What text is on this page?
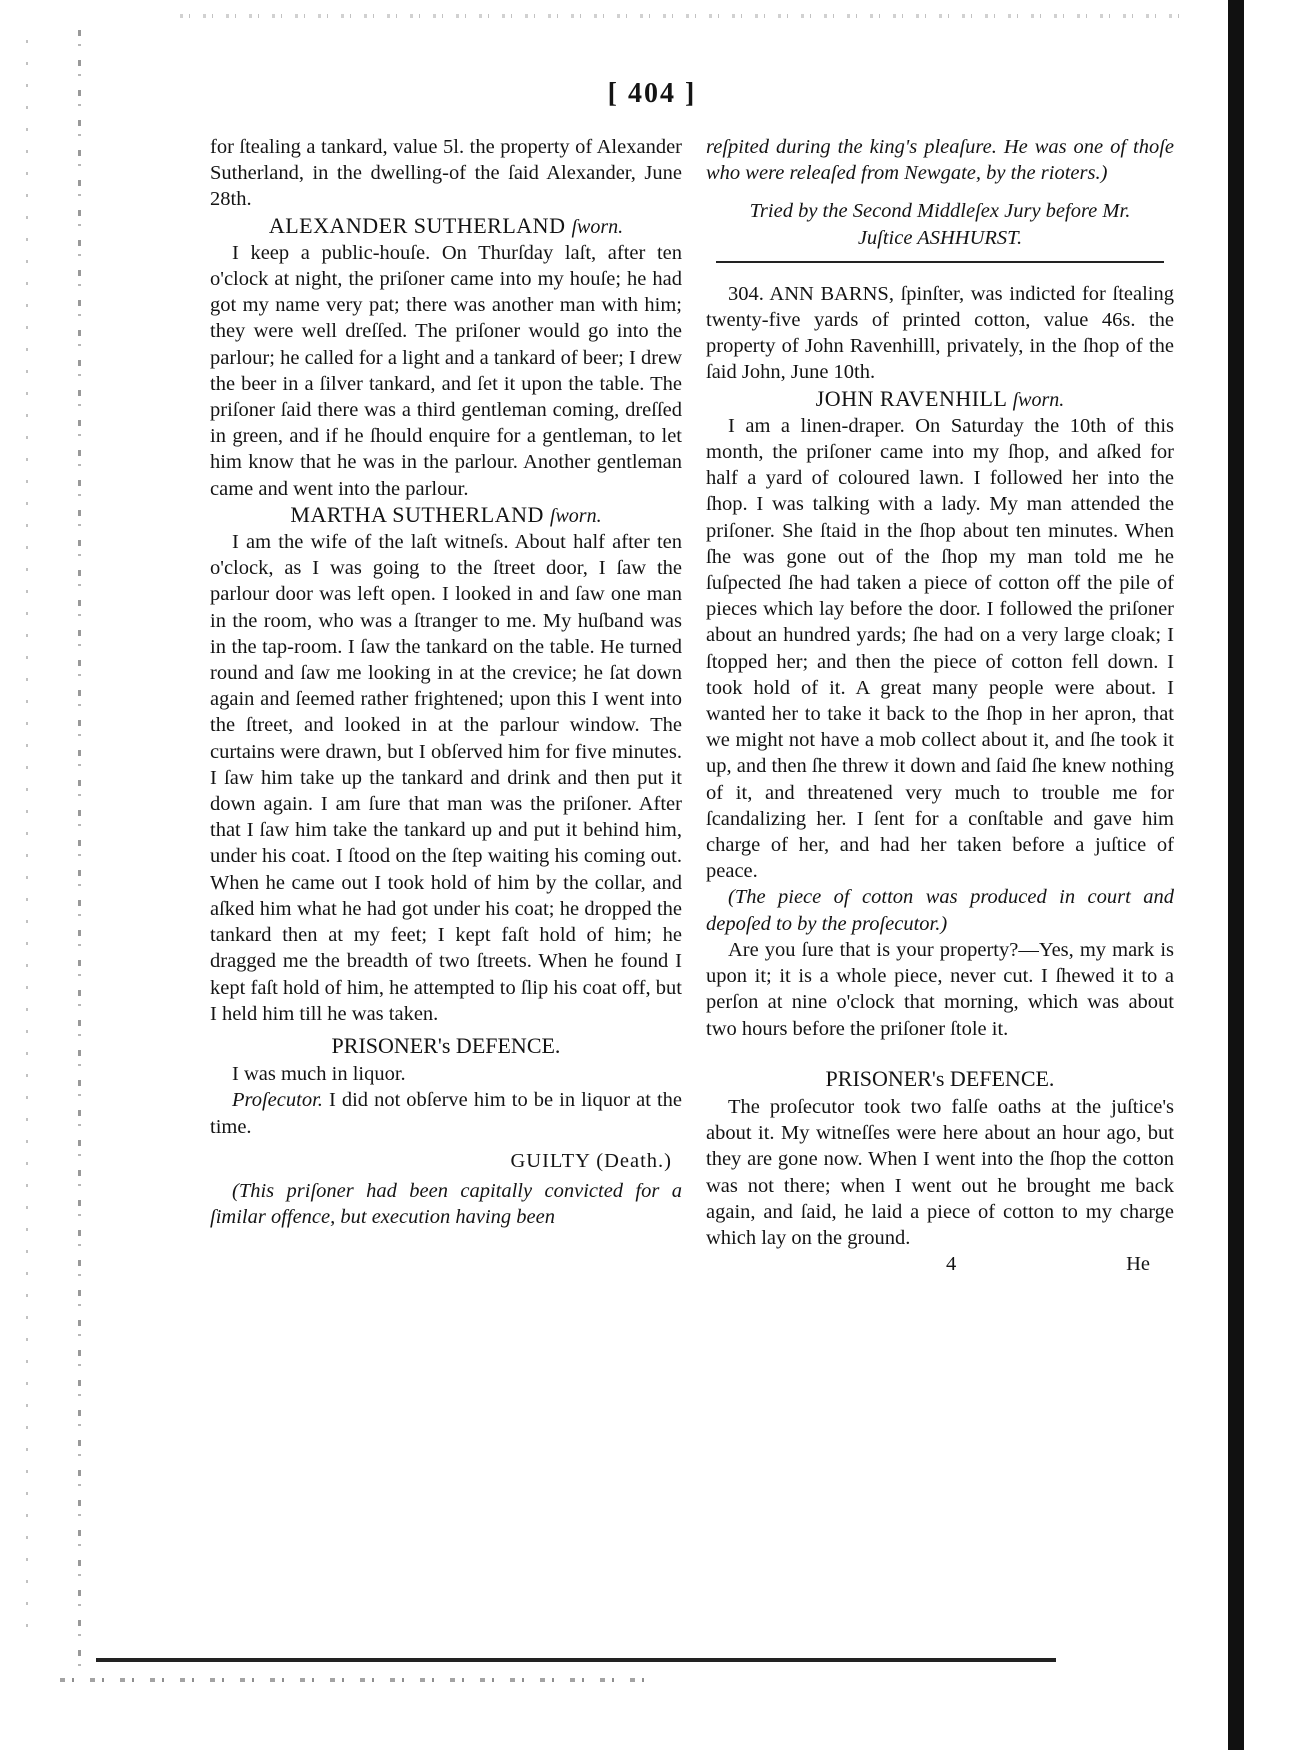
[ 404 ]

for ſtealing a tankard, value 5l. the property of Alexander Sutherland, in the dwelling-of the ſaid Alexander, June 28th.

ALEXANDER SUTHERLAND ſworn.

I keep a public-houſe. On Thurſday laſt, after ten o'clock at night, the priſoner came into my houſe; he had got my name very pat; there was another man with him; they were well dreſſed. The priſoner would go into the parlour; he called for a light and a tankard of beer; I drew the beer in a ſilver tankard, and ſet it upon the table. The priſoner ſaid there was a third gentleman coming, dreſſed in green, and if he ſhould enquire for a gentleman, to let him know that he was in the parlour. Another gentleman came and went into the parlour.

MARTHA SUTHERLAND ſworn.

I am the wife of the laſt witneſs. About half after ten o'clock, as I was going to the ſtreet door, I ſaw the parlour door was left open. I looked in and ſaw one man in the room, who was a ſtranger to me. My huſband was in the tap-room. I ſaw the tankard on the table. He turned round and ſaw me looking in at the crevice; he ſat down again and ſeemed rather frightened; upon this I went into the ſtreet, and looked in at the parlour window. The curtains were drawn, but I obſerved him for five minutes. I ſaw him take up the tankard and drink and then put it down again. I am ſure that man was the priſoner. After that I ſaw him take the tankard up and put it behind him, under his coat. I ſtood on the ſtep waiting his coming out. When he came out I took hold of him by the collar, and aſked him what he had got under his coat; he dropped the tankard then at my feet; I kept faſt hold of him; he dragged me the breadth of two ſtreets. When he found I kept faſt hold of him, he attempted to ſlip his coat off, but I held him till he was taken.

PRISONER's DEFENCE.

I was much in liquor.

Proſecutor. I did not obſerve him to be in liquor at the time.

GUILTY (Death.)

(This priſoner had been capitally convicted for a ſimilar offence, but execution having been

reſpited during the king's pleaſure. He was one of thoſe who were releaſed from Newgate, by the rioters.)

Tried by the Second Middleſex Jury before Mr.
Juſtice ASHHURST.

304. ANN BARNS, ſpinſter, was indicted for ſtealing twenty-five yards of printed cotton, value 46s. the property of John Ravenhilll, privately, in the ſhop of the ſaid John, June 10th.

JOHN RAVENHILL ſworn.

I am a linen-draper. On Saturday the 10th of this month, the priſoner came into my ſhop, and aſked for half a yard of coloured lawn. I followed her into the ſhop. I was talking with a lady. My man attended the priſoner. She ſtaid in the ſhop about ten minutes. When ſhe was gone out of the ſhop my man told me he ſuſpected ſhe had taken a piece of cotton off the pile of pieces which lay before the door. I followed the priſoner about an hundred yards; ſhe had on a very large cloak; I ſtopped her; and then the piece of cotton fell down. I took hold of it. A great many people were about. I wanted her to take it back to the ſhop in her apron, that we might not have a mob collect about it, and ſhe took it up, and then ſhe threw it down and ſaid ſhe knew nothing of it, and threatened very much to trouble me for ſcandalizing her. I ſent for a conſtable and gave him charge of her, and had her taken before a juſtice of peace.

(The piece of cotton was produced in court and depoſed to by the proſecutor.)

Are you ſure that is your property?—Yes, my mark is upon it; it is a whole piece, never cut. I ſhewed it to a perſon at nine o'clock that morning, which was about two hours before the priſoner ſtole it.

PRISONER's DEFENCE.

The proſecutor took two falſe oaths at the juſtice's about it. My witneſſes were here about an hour ago, but they are gone now. When I went into the ſhop the cotton was not there; when I went out he brought me back again, and ſaid, he laid a piece of cotton to my charge which lay on the ground.

4	He
